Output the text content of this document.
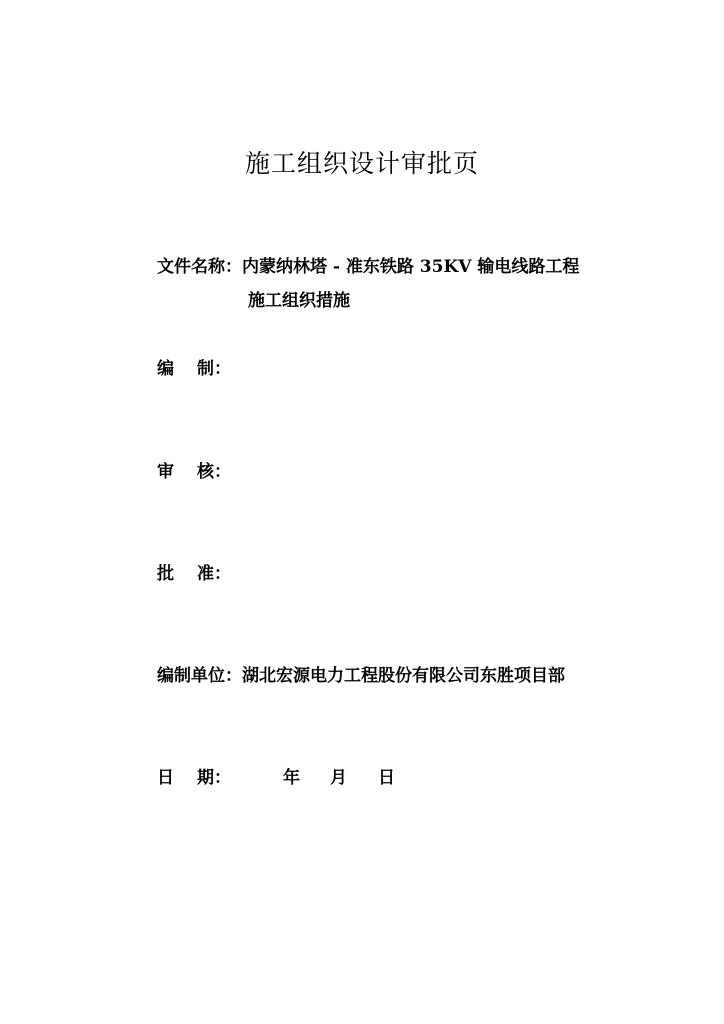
施工组织设计审批页
文件名称：内蒙纳林塔 - 准东铁路 35KV 输电线路工程
施工组织措施
编 制：
审 核：
批 准：
编制单位：湖北宏源电力工程股份有限公司东胜项目部
日 期：	年 月 日
